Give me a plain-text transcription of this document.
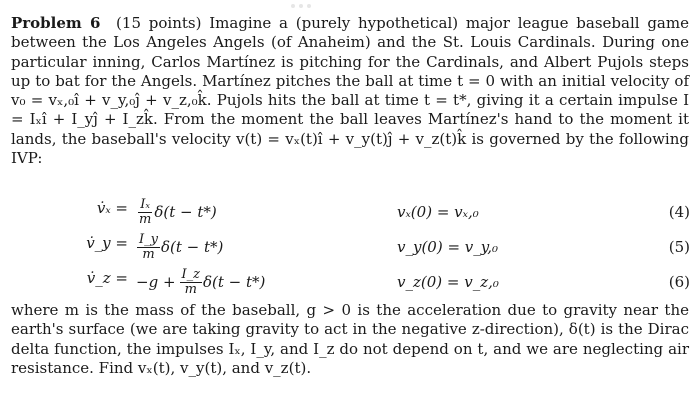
Problem 6 (15 points) Imagine a (purely hypothetical) major league baseball game between the Los Angeles Angels (of Anaheim) and the St. Louis Cardinals. During one particular inning, Carlos Martínez is pitching for the Cardinals, and Albert Pujols steps up to bat for the Angels. Martínez pitches the ball at time t = 0 with an initial velocity of v₀ = vₓ,₀î + v_y,₀ĵ + v_z,₀k̂. Pujols hits the ball at time t = t*, giving it a certain impulse I = Iₓî + I_yĵ + I_zk̂. From the moment the ball leaves Martínez's hand to the moment it lands, the baseball's velocity v(t) = vₓ(t)î + v_y(t)ĵ + v_z(t)k̂ is governed by the following IVP:

v̇ₓ = $\frac{\text{Iₓ}}{m} \delta(t - t*)$	vₓ(0) = vₓ,₀	(4)
v̇_y = $\frac{I\_y}{m} \delta(t - t*)$	v_y(0) = v_y,₀	(5)
v̇_z = $-g + \frac{I\_z}{m} \delta(t - t*)$	v_z(0) = v_z,₀	(6)

where m is the mass of the baseball, g > 0 is the acceleration due to gravity near the earth's surface (we are taking gravity to act in the negative z-direction), δ(t) is the Dirac delta function, the impulses Iₓ, I_y, and I_z do not depend on t, and we are neglecting air resistance. Find vₓ(t), v_y(t), and v_z(t).
